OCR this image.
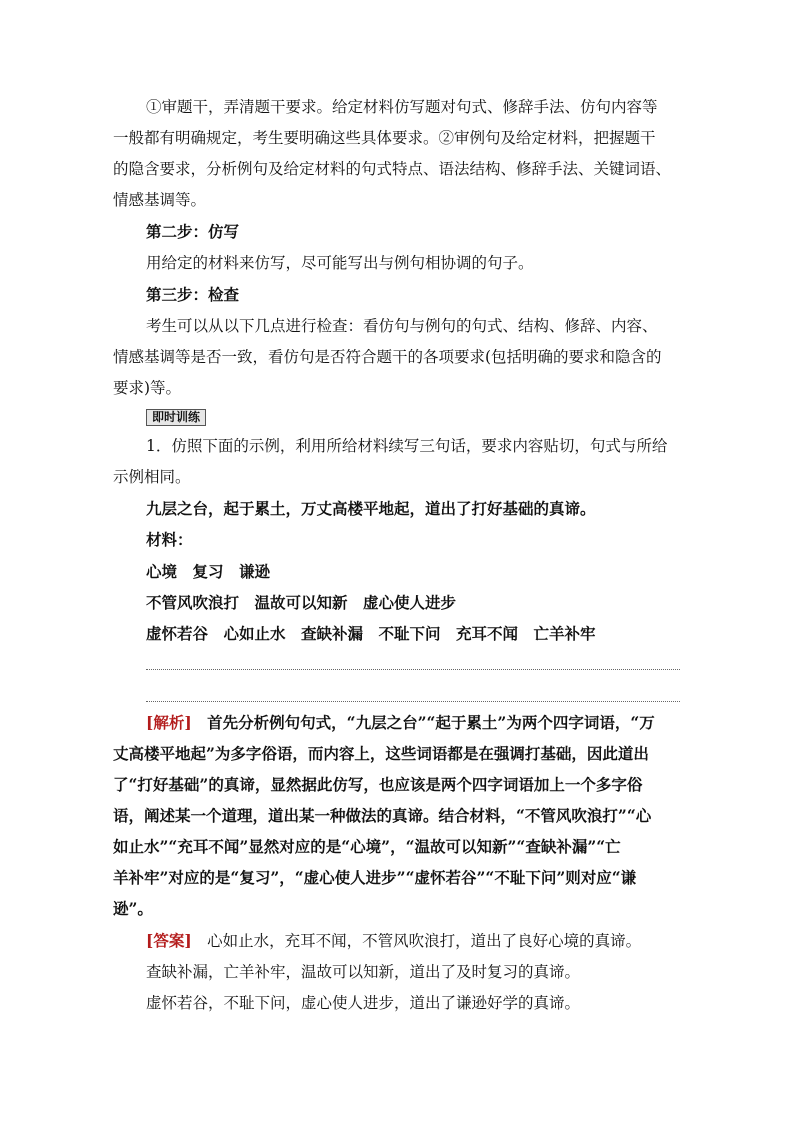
①审题干，弄清题干要求。给定材料仿写题对句式、修辞手法、仿句内容等
一般都有明确规定，考生要明确这些具体要求。②审例句及给定材料，把握题干
的隐含要求，分析例句及给定材料的句式特点、语法结构、修辞手法、关键词语、
情感基调等。
第二步：仿写
用给定的材料来仿写，尽可能写出与例句相协调的句子。
第三步：检查
考生可以从以下几点进行检查：看仿句与例句的句式、结构、修辞、内容、
情感基调等是否一致，看仿句是否符合题干的各项要求(包括明确的要求和隐含的
要求)等。
即时训练
1．仿照下面的示例，利用所给材料续写三句话，要求内容贴切，句式与所给
示例相同。
九层之台，起于累土，万丈高楼平地起，道出了打好基础的真谛。
材料：
心境　复习　谦逊
不管风吹浪打　温故可以知新　虚心使人进步
虚怀若谷　心如止水　查缺补漏　不耻下问　充耳不闻　亡羊补牢
[解析]　首先分析例句句式，“九层之台”“起于累土”为两个四字词语，“万
丈高楼平地起”为多字俗语，而内容上，这些词语都是在强调打基础，因此道出
了“打好基础”的真谛，显然据此仿写，也应该是两个四字词语加上一个多字俗
语，阐述某一个道理，道出某一种做法的真谛。结合材料，“不管风吹浪打”“心
如止水”“充耳不闻”显然对应的是“心境”，“温故可以知新”“查缺补漏”“亡
羊补牢”对应的是“复习”，“虚心使人进步”“虚怀若谷”“不耻下问”则对应“谦
逊”。
[答案]　心如止水，充耳不闻，不管风吹浪打，道出了良好心境的真谛。
查缺补漏，亡羊补牢，温故可以知新，道出了及时复习的真谛。
虚怀若谷，不耻下问，虚心使人进步，道出了谦逊好学的真谛。
